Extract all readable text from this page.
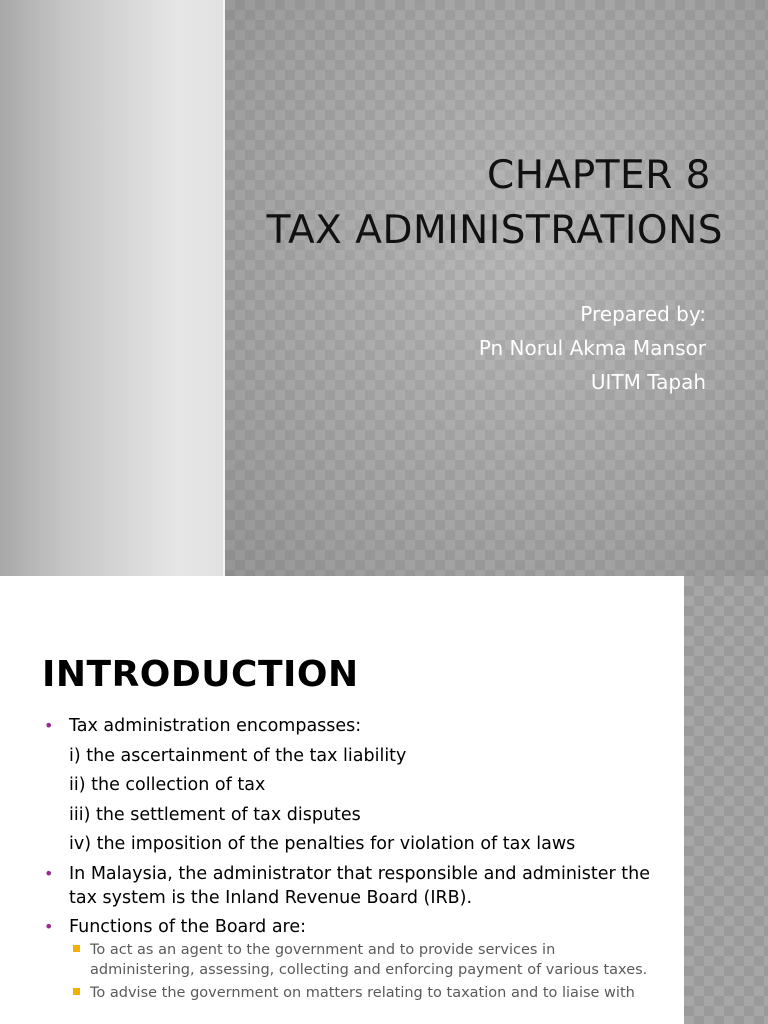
CHAPTER 8
TAX ADMINISTRATIONS
Prepared by:
Pn Norul Akma Mansor
UITM Tapah
INTRODUCTION
• Tax administration encompasses:
i) the ascertainment of the tax liability
ii) the collection of tax
iii) the settlement of tax disputes
iv) the imposition of the penalties for violation of tax laws
• In Malaysia, the administrator that responsible and administer the tax system is the Inland Revenue Board (IRB).
• Functions of the Board are:
To act as an agent to the government and to provide services in administering, assessing, collecting and enforcing payment of various taxes.
To advise the government on matters relating to taxation and to liaise with
